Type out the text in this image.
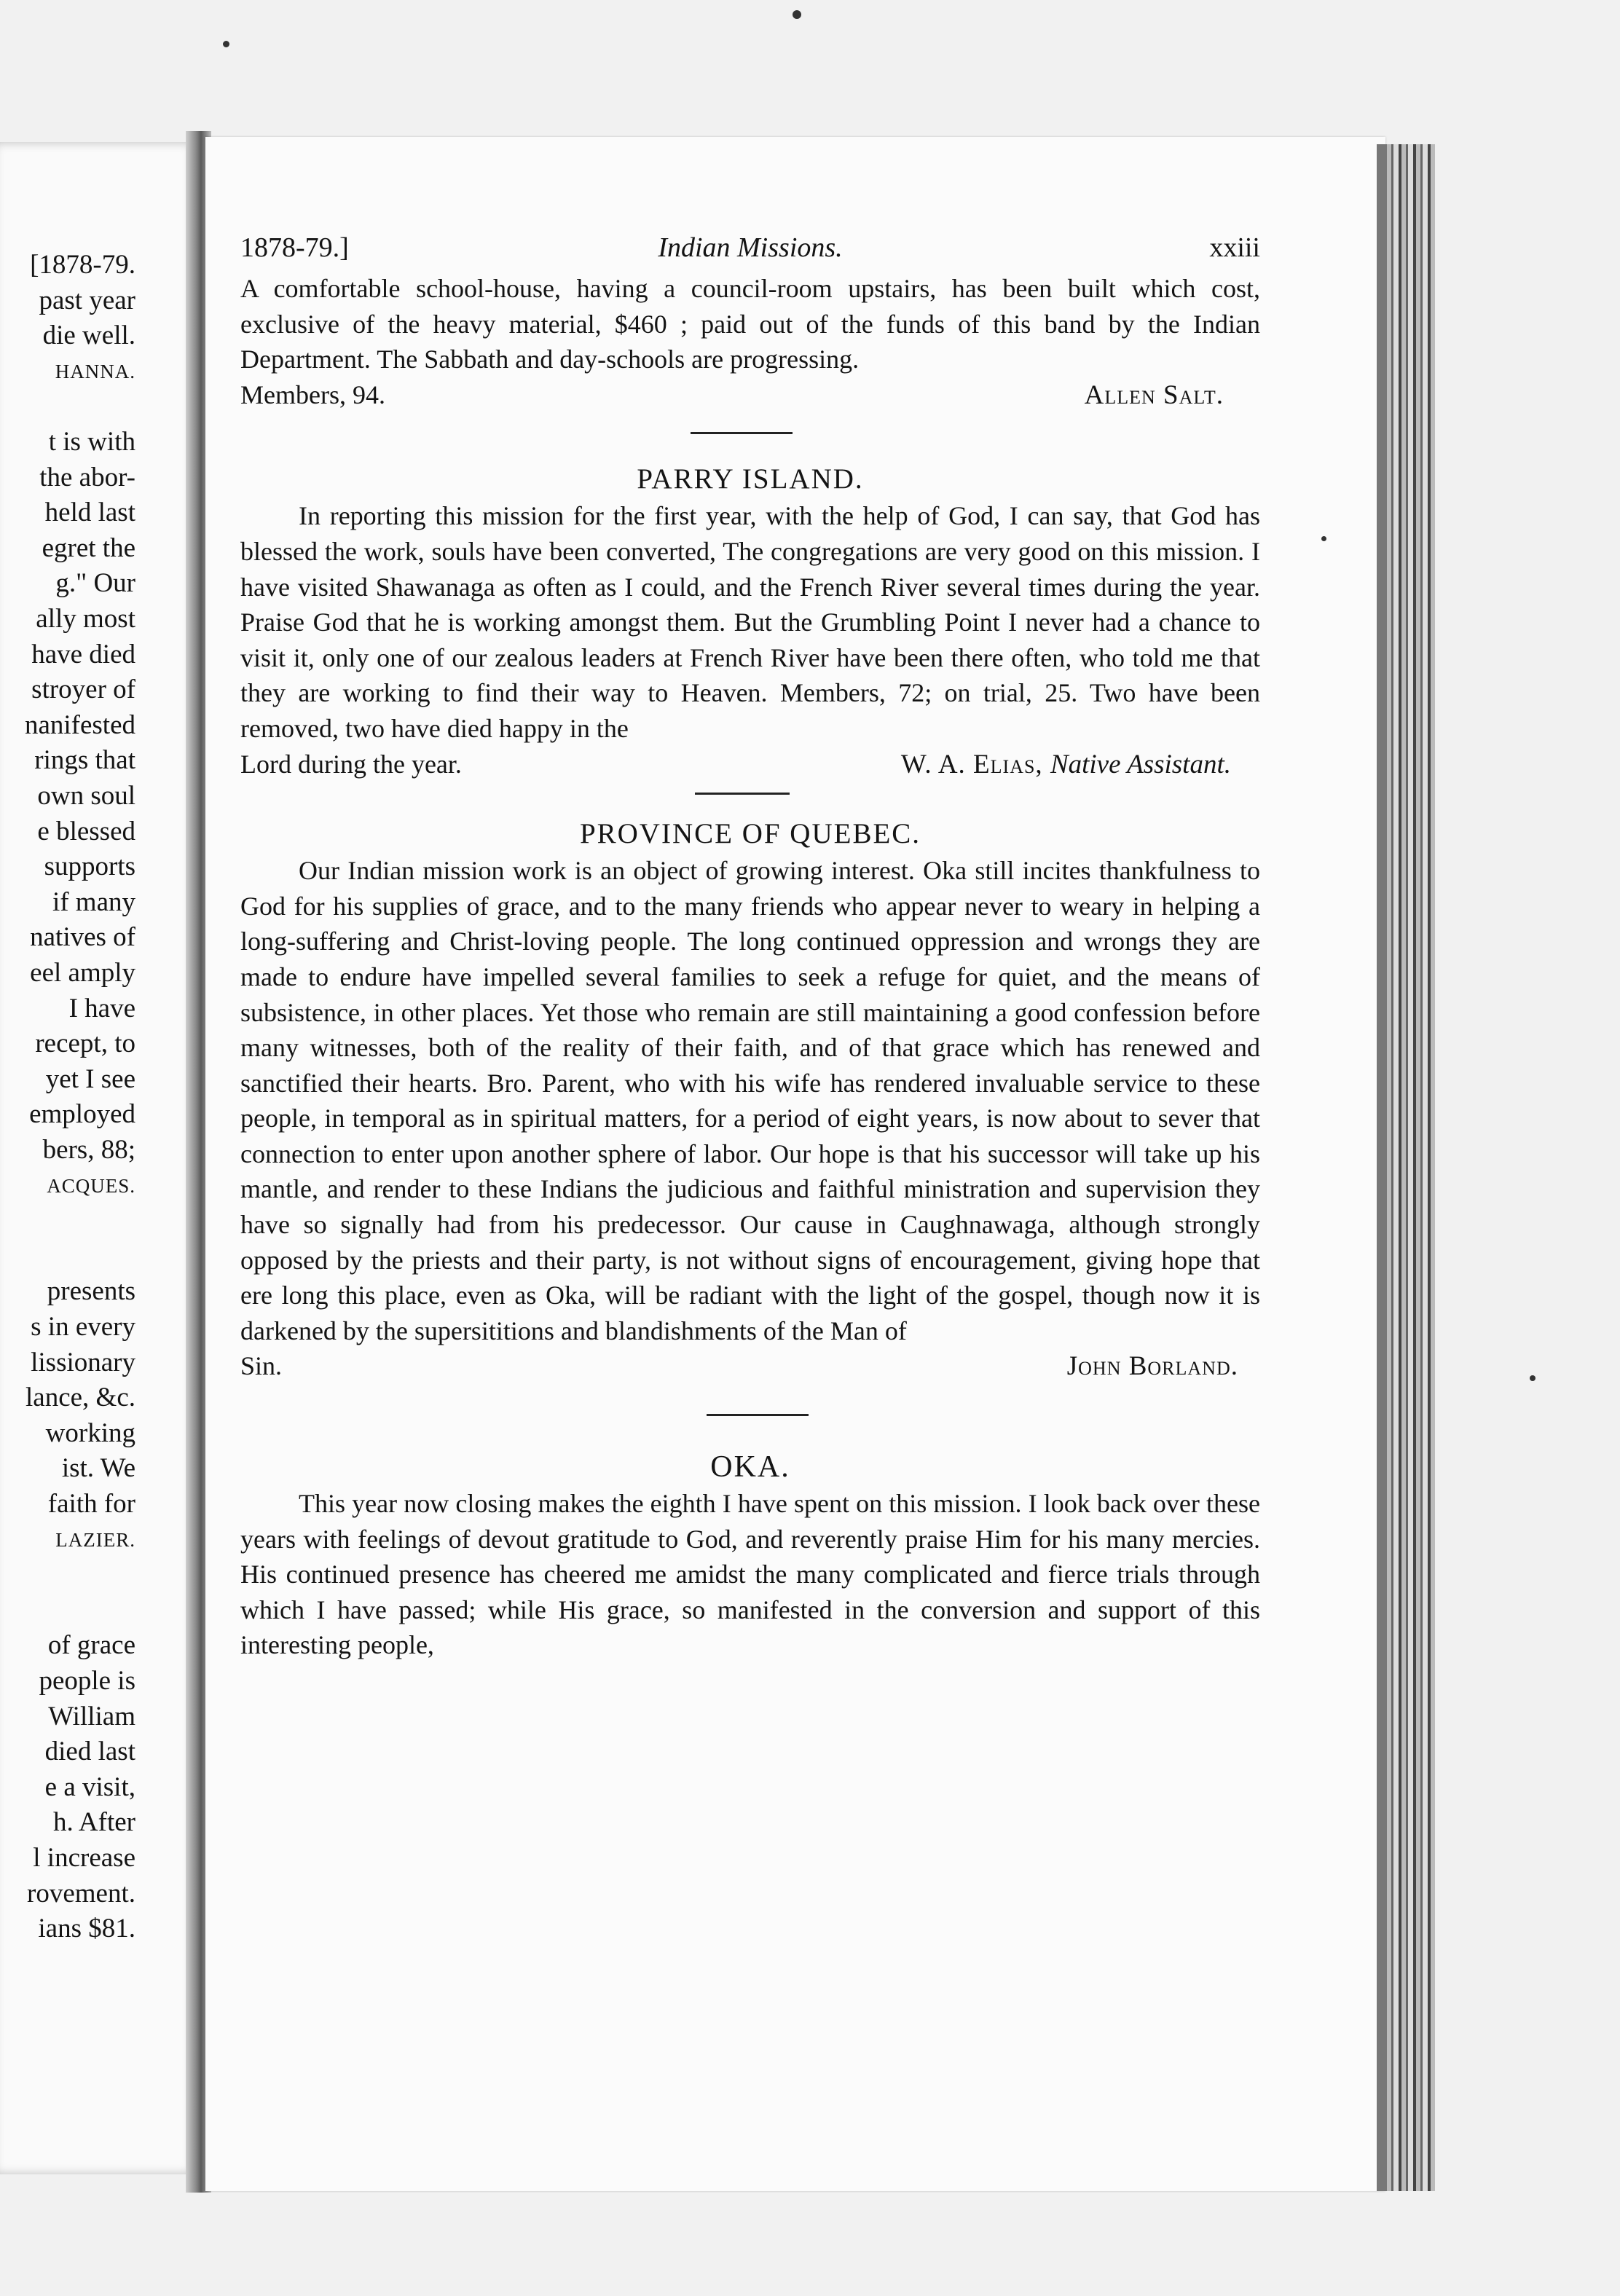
[1878-79.
past year
die well.
HANNA.
t is with
the abor-
held last
egret the
g." Our
ally most
have died
stroyer of
nanifested
rings that
own soul
e blessed
supports
if many
natives of
eel amply
I have
recept, to
yet I see
employed
bers, 88;
ACQUES.
presents
s in every
lissionary
lance, &c.
working
ist. We
faith for
LAZIER.
of grace
people is
William
died last
e a visit,
h. After
l increase
rovement.
ians $81.
1878-79.]	Indian Missions.	xxiii

A comfortable school-house, having a council-room upstairs, has been built which cost, exclusive of the heavy material, $460 ; paid out of the funds of this band by the Indian Department. The Sabbath and day-schools are progressing.

Members, 94.	Allen Salt.
PARRY ISLAND.

In reporting this mission for the first year, with the help of God, I can say, that God has blessed the work, souls have been converted, The congregations are very good on this mission. I have visited Shawanaga as often as I could, and the French River several times during the year. Praise God that he is working amongst them. But the Grumbling Point I never had a chance to visit it, only one of our zealous leaders at French River have been there often, who told me that they are working to find their way to Heaven. Members, 72; on trial, 25. Two have been removed, two have died happy in the

Lord during the year.	W. A. Elias, Native Assistant.
PROVINCE OF QUEBEC.

Our Indian mission work is an object of growing interest. Oka still incites thankfulness to God for his supplies of grace, and to the many friends who appear never to weary in helping a long-suffering and Christ-loving people. The long continued oppression and wrongs they are made to endure have impelled several families to seek a refuge for quiet, and the means of subsistence, in other places. Yet those who remain are still maintaining a good confession before many witnesses, both of the reality of their faith, and of that grace which has renewed and sanctified their hearts. Bro. Parent, who with his wife has rendered invaluable service to these people, in temporal as in spiritual matters, for a period of eight years, is now about to sever that connection to enter upon another sphere of labor. Our hope is that his successor will take up his mantle, and render to these Indians the judicious and faithful ministration and supervision they have so signally had from his predecessor. Our cause in Caughnawaga, although strongly opposed by the priests and their party, is not without signs of encouragement, giving hope that ere long this place, even as Oka, will be radiant with the light of the gospel, though now it is darkened by the supersititions and blandishments of the Man of

Sin.	John Borland.
OKA.

This year now closing makes the eighth I have spent on this mission. I look back over these years with feelings of devout gratitude to God, and reverently praise Him for his many mercies. His continued presence has cheered me amidst the many complicated and fierce trials through which I have passed; while His grace, so manifested in the conversion and support of this interesting people,
